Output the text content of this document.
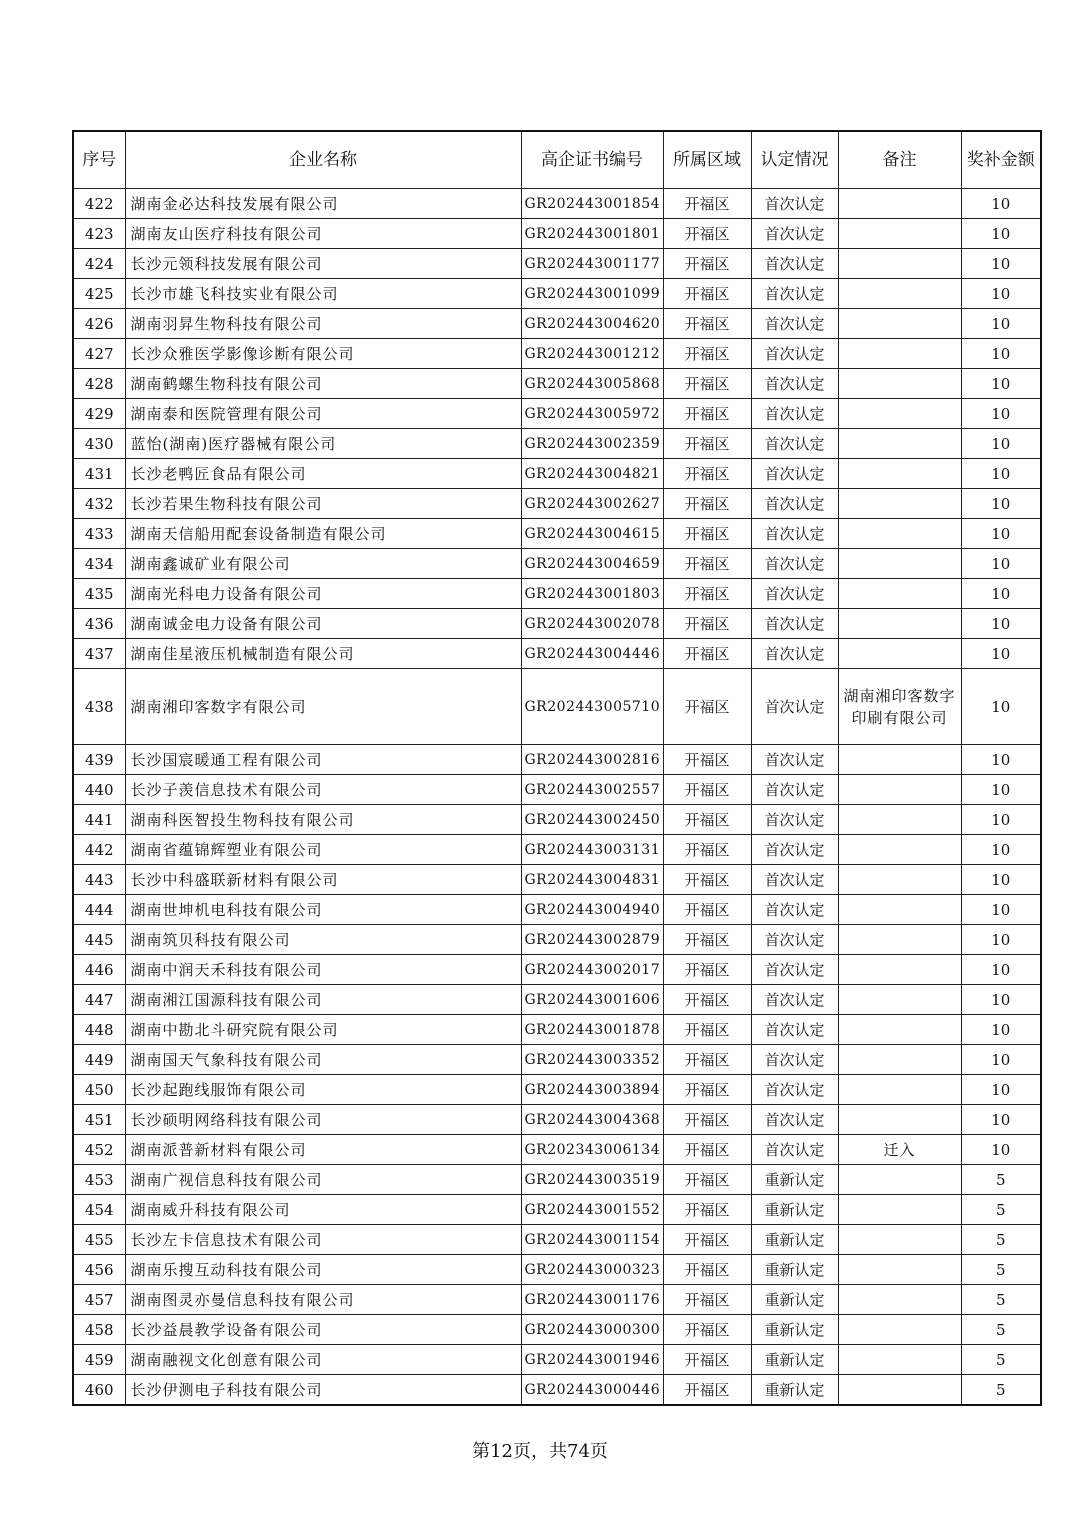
序号	企业名称	高企证书编号	所属区域	认定情况	备注	奖补金额
422	湖南金必达科技发展有限公司	GR202443001854	开福区	首次认定		10
423	湖南友山医疗科技有限公司	GR202443001801	开福区	首次认定		10
424	长沙元领科技发展有限公司	GR202443001177	开福区	首次认定		10
425	长沙市雄飞科技实业有限公司	GR202443001099	开福区	首次认定		10
426	湖南羽昇生物科技有限公司	GR202443004620	开福区	首次认定		10
427	长沙众雅医学影像诊断有限公司	GR202443001212	开福区	首次认定		10
428	湖南鹤螺生物科技有限公司	GR202443005868	开福区	首次认定		10
429	湖南泰和医院管理有限公司	GR202443005972	开福区	首次认定		10
430	蓝怡(湖南)医疗器械有限公司	GR202443002359	开福区	首次认定		10
431	长沙老鸭匠食品有限公司	GR202443004821	开福区	首次认定		10
432	长沙若果生物科技有限公司	GR202443002627	开福区	首次认定		10
433	湖南天信船用配套设备制造有限公司	GR202443004615	开福区	首次认定		10
434	湖南鑫诚矿业有限公司	GR202443004659	开福区	首次认定		10
435	湖南光科电力设备有限公司	GR202443001803	开福区	首次认定		10
436	湖南诚金电力设备有限公司	GR202443002078	开福区	首次认定		10
437	湖南佳星液压机械制造有限公司	GR202443004446	开福区	首次认定		10
438	湖南湘印客数字有限公司	GR202443005710	开福区	首次认定	湖南湘印客数字印刷有限公司	10
439	长沙国宸暖通工程有限公司	GR202443002816	开福区	首次认定		10
440	长沙子羡信息技术有限公司	GR202443002557	开福区	首次认定		10
441	湖南科医智投生物科技有限公司	GR202443002450	开福区	首次认定		10
442	湖南省蕴锦辉塑业有限公司	GR202443003131	开福区	首次认定		10
443	长沙中科盛联新材料有限公司	GR202443004831	开福区	首次认定		10
444	湖南世坤机电科技有限公司	GR202443004940	开福区	首次认定		10
445	湖南筑贝科技有限公司	GR202443002879	开福区	首次认定		10
446	湖南中润天禾科技有限公司	GR202443002017	开福区	首次认定		10
447	湖南湘江国源科技有限公司	GR202443001606	开福区	首次认定		10
448	湖南中勘北斗研究院有限公司	GR202443001878	开福区	首次认定		10
449	湖南国天气象科技有限公司	GR202443003352	开福区	首次认定		10
450	长沙起跑线服饰有限公司	GR202443003894	开福区	首次认定		10
451	长沙硕明网络科技有限公司	GR202443004368	开福区	首次认定		10
452	湖南派普新材料有限公司	GR202343006134	开福区	首次认定	迁入	10
453	湖南广视信息科技有限公司	GR202443003519	开福区	重新认定		5
454	湖南威升科技有限公司	GR202443001552	开福区	重新认定		5
455	长沙左卡信息技术有限公司	GR202443001154	开福区	重新认定		5
456	湖南乐搜互动科技有限公司	GR202443000323	开福区	重新认定		5
457	湖南图灵亦曼信息科技有限公司	GR202443001176	开福区	重新认定		5
458	长沙益晨教学设备有限公司	GR202443000300	开福区	重新认定		5
459	湖南融视文化创意有限公司	GR202443001946	开福区	重新认定		5
460	长沙伊测电子科技有限公司	GR202443000446	开福区	重新认定		5
第12页，共74页
